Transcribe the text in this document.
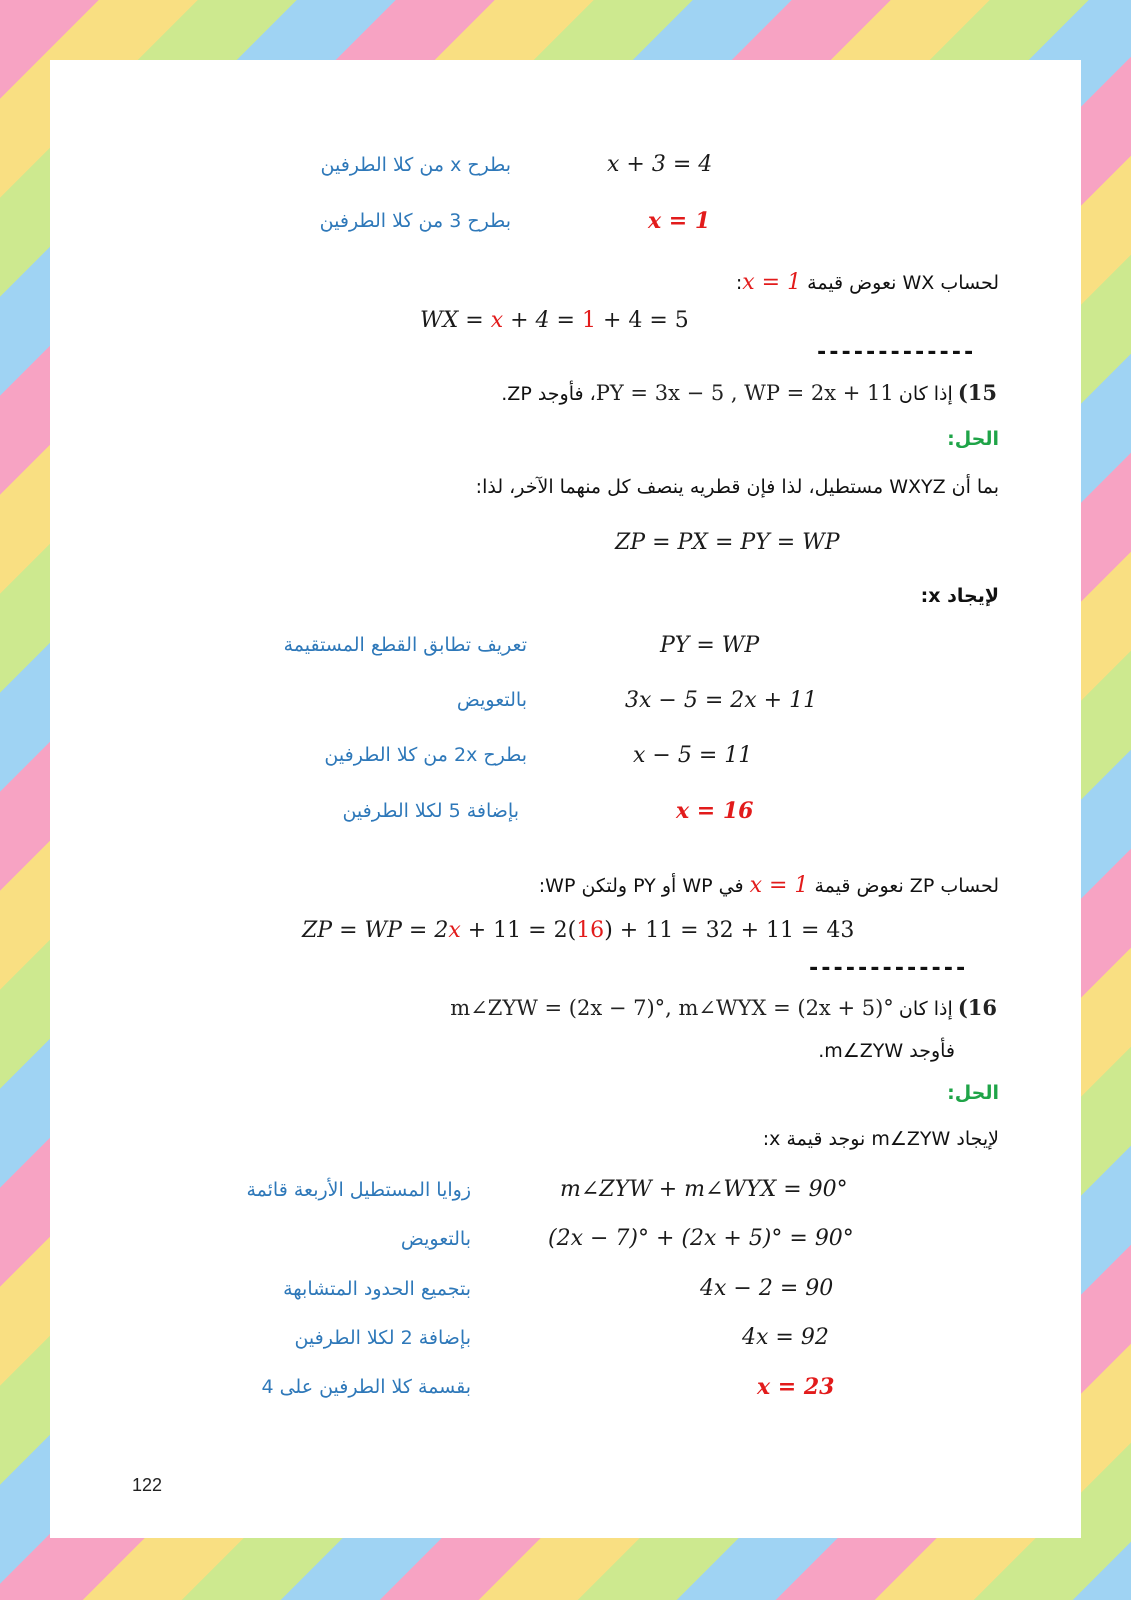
x + 3 = 4
بطرح x من كلا الطرفين
x = 1
بطرح 3 من كلا الطرفين
لحساب WX نعوض قيمة x = 1:
WX = x + 4 = 1 + 4 = 5
-------------
15) إذا كان PY = 3x − 5 , WP = 2x + 11، فأوجد ZP.
الحل:
بما أن WXYZ مستطيل، لذا فإن قطريه ينصف كل منهما الآخر، لذا:
ZP = PX = PY = WP
لإيجاد x:
PY = WP
تعريف تطابق القطع المستقيمة
3x − 5 = 2x + 11
بالتعويض
x − 5 = 11
بطرح 2x من كلا الطرفين
x = 16
بإضافة 5 لكلا الطرفين
لحساب ZP نعوض قيمة x = 1 في WP أو PY ولتكن WP:
ZP = WP = 2x + 11 = 2(16) + 11 = 32 + 11 = 43
-------------
16) إذا كان m∠ZYW = (2x − 7)°, m∠WYX = (2x + 5)°
فأوجد m∠ZYW.
الحل:
لإيجاد m∠ZYW نوجد قيمة x:
m∠ZYW + m∠WYX = 90°
زوايا المستطيل الأربعة قائمة
(2x − 7)° + (2x + 5)° = 90°
بالتعويض
4x − 2 = 90
بتجميع الحدود المتشابهة
4x = 92
بإضافة 2 لكلا الطرفين
x = 23
بقسمة كلا الطرفين على 4
122
